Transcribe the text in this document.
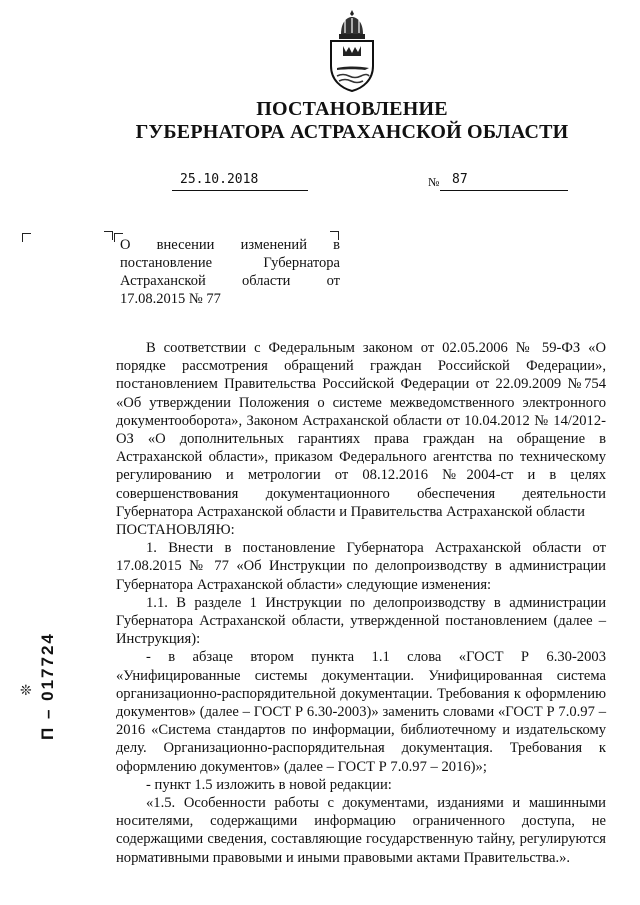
ПОСТАНОВЛЕНИЕ
ГУБЕРНАТОРА АСТРАХАНСКОЙ ОБЛАСТИ
25.10.2018	№ 87
О внесении изменений в постановление Губернатора Астраханской области от 17.08.2015 № 77

В соответствии с Федеральным законом от 02.05.2006 № 59-ФЗ «О порядке рассмотрения обращений граждан Российской Федерации», постановлением Правительства Российской Федерации от 22.09.2009 №754 «Об утверждении Положения о системе межведомственного электронного документооборота», Законом Астраханской области от 10.04.2012 № 14/2012-ОЗ «О дополнительных гарантиях права граждан на обращение в Астраханской области», приказом Федерального агентства по техническому регулированию и метрологии от 08.12.2016 №2004-ст и в целях совершенствования документационного обеспечения деятельности Губернатора Астраханской области и Правительства Астраханской области

ПОСТАНОВЛЯЮ:

1. Внести в постановление Губернатора Астраханской области от 17.08.2015 № 77 «Об Инструкции по делопроизводству в администрации Губернатора Астраханской области» следующие изменения:

1.1. В разделе 1 Инструкции по делопроизводству в администрации Губернатора Астраханской области, утвержденной постановлением (далее – Инструкция):

- в абзаце втором пункта 1.1 слова «ГОСТ Р 6.30-2003 «Унифицированные системы документации. Унифицированная система организационно-распорядительной документации. Требования к оформлению документов» (далее – ГОСТ Р 6.30-2003)» заменить словами «ГОСТ Р 7.0.97 – 2016 «Система стандартов по информации, библиотечному и издательскому делу. Организационно-распорядительная документация. Требования к оформлению документов» (далее – ГОСТ Р 7.0.97 – 2016)»;

- пункт 1.5 изложить в новой редакции:

«1.5. Особенности работы с документами, изданиями и машинными носителями, содержащими информацию ограниченного доступа, не содержащими сведения, составляющие государственную тайну, регулируются нормативными правовыми и иными правовыми актами Правительства.».

❊ П – 017724
